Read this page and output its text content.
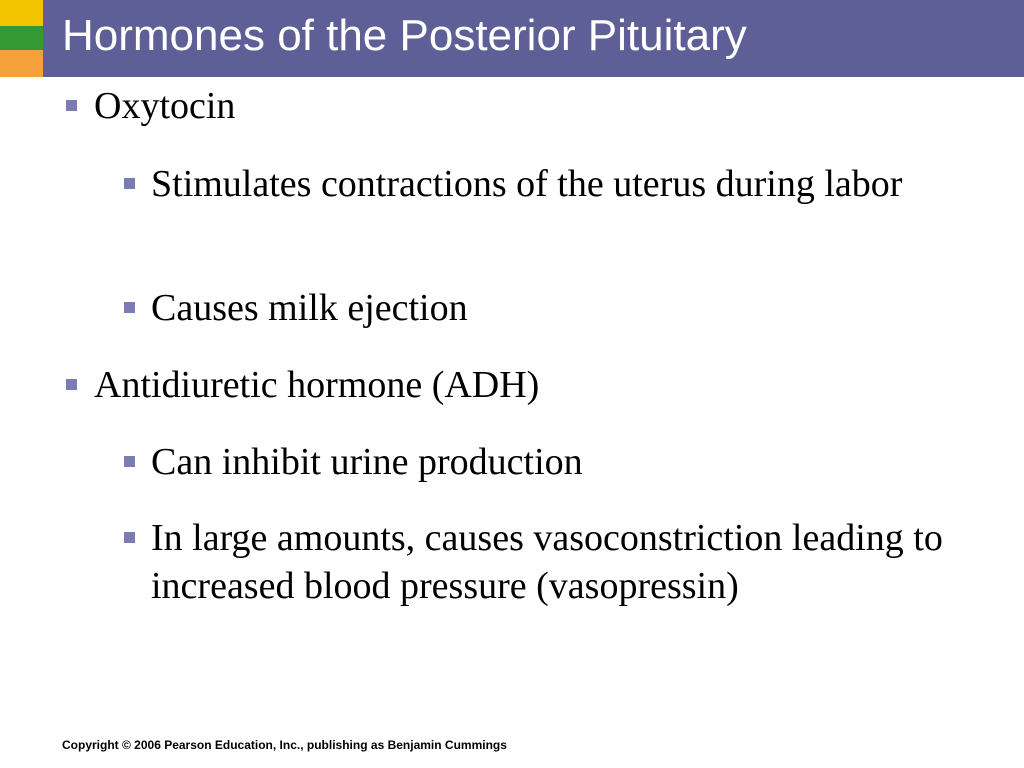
Hormones of the Posterior Pituitary

Oxytocin

Stimulates contractions of the uterus during labor

Causes milk ejection

Antidiuretic hormone (ADH)

Can inhibit urine production

In large amounts, causes vasoconstriction leading to increased blood pressure (vasopressin)

Copyright © 2006 Pearson Education, Inc., publishing as Benjamin Cummings
